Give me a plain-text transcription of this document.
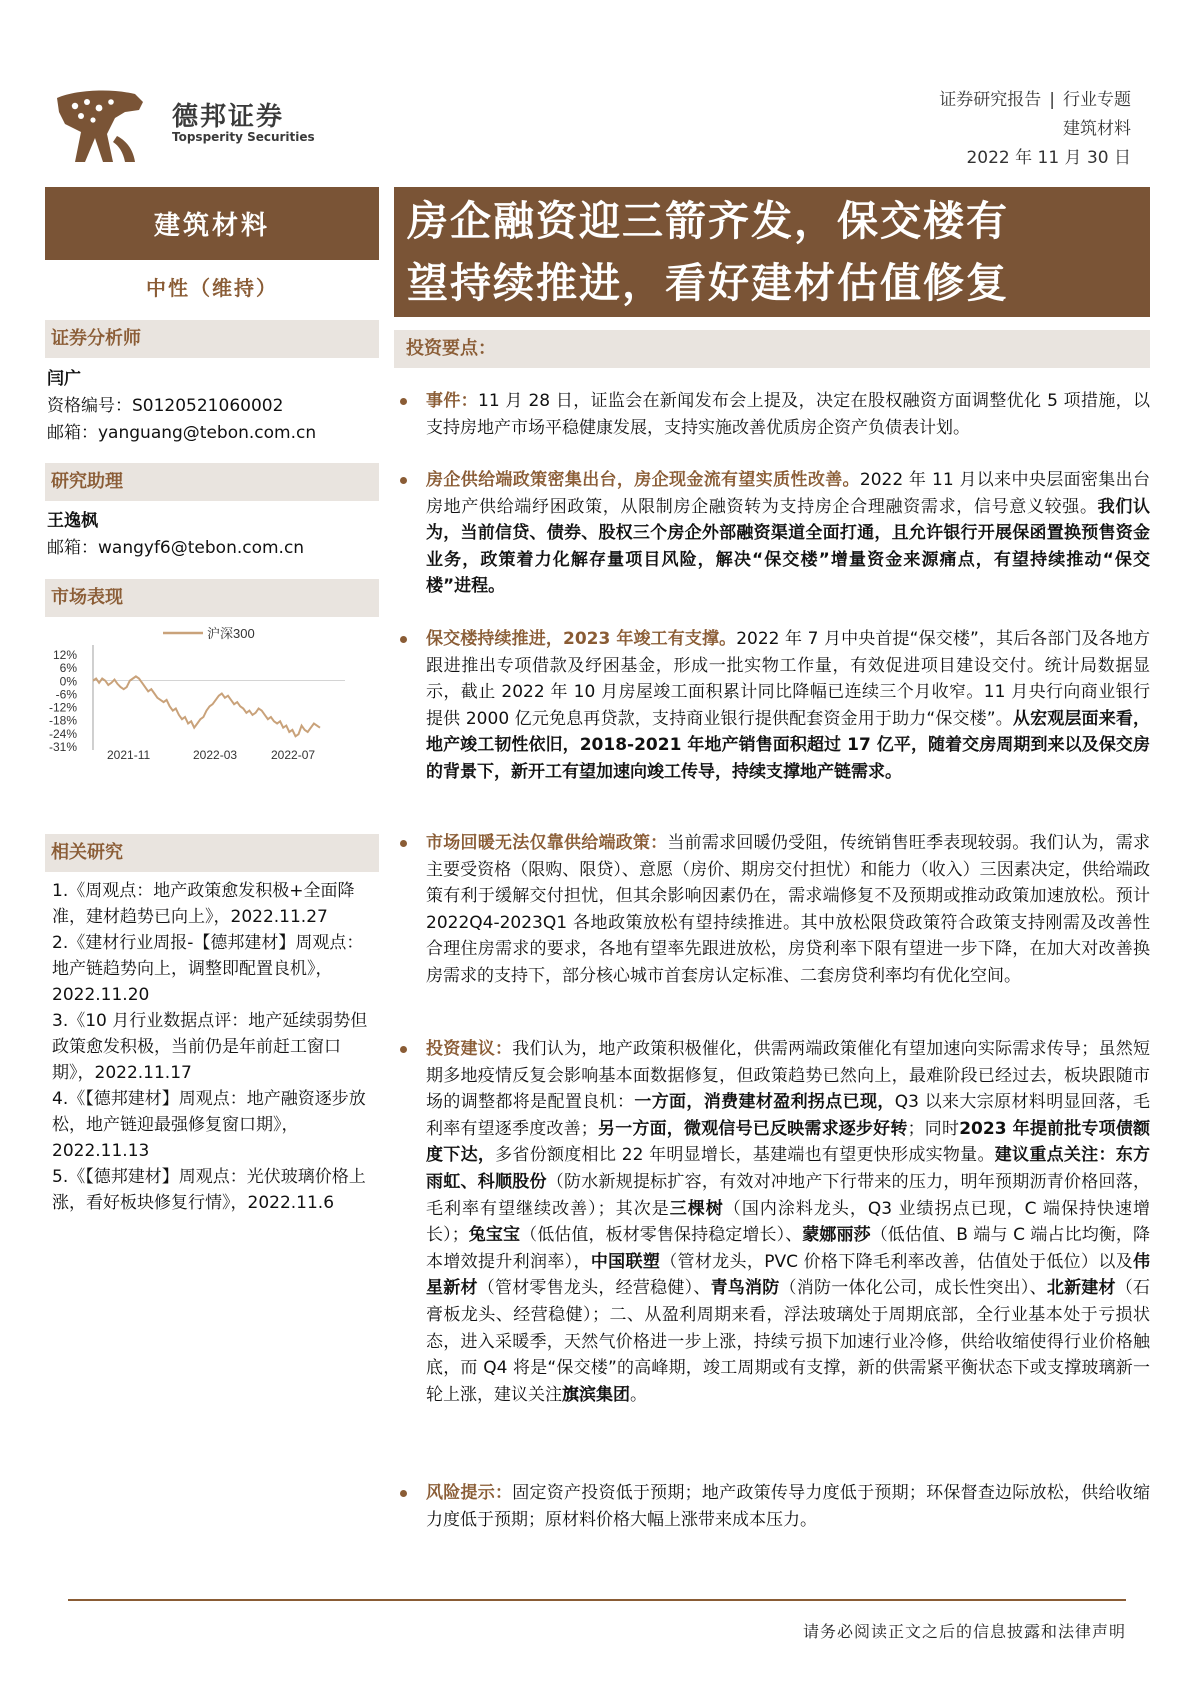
德邦证券
Topsperity Securities
证券研究报告 | 行业专题
建筑材料
2022 年 11 月 30 日
建筑材料
中性（维持）
证券分析师
闫广
资格编号：S0120521060002
邮箱：yanguang@tebon.com.cn
研究助理
王逸枫
邮箱：wangyf6@tebon.com.cn
市场表现
12%
6%
0%
-6%
-12%
-18%
-24%
-31%
2021-11	2022-03	2022-07
沪深300
相关研究
1.《周观点：地产政策愈发积极+全面降准，建材趋势已向上》，2022.11.27
2.《建材行业周报-【德邦建材】周观点：地产链趋势向上，调整即配置良机》，2022.11.20
3.《10 月行业数据点评：地产延续弱势但政策愈发积极，当前仍是年前赶工窗口期》，2022.11.17
4.《【德邦建材】周观点：地产融资逐步放松，地产链迎最强修复窗口期》，2022.11.13
5.《【德邦建材】周观点：光伏玻璃价格上涨，看好板块修复行情》，2022.11.6
房企融资迎三箭齐发，保交楼有
望持续推进，看好建材估值修复
投资要点：

事件：11 月 28 日，证监会在新闻发布会上提及，决定在股权融资方面调整优化 5 项措施，以支持房地产市场平稳健康发展，支持实施改善优质房企资产负债表计划。

房企供给端政策密集出台，房企现金流有望实质性改善。2022 年 11 月以来中央层面密集出台房地产供给端纾困政策，从限制房企融资转为支持房企合理融资需求，信号意义较强。我们认为，当前信贷、债券、股权三个房企外部融资渠道全面打通，且允许银行开展保函置换预售资金业务，政策着力化解存量项目风险，解决“保交楼”增量资金来源痛点，有望持续推动“保交楼”进程。

保交楼持续推进，2023 年竣工有支撑。2022 年 7 月中央首提“保交楼”，其后各部门及各地方跟进推出专项借款及纾困基金，形成一批实物工作量，有效促进项目建设交付。统计局数据显示，截止 2022 年 10 月房屋竣工面积累计同比降幅已连续三个月收窄。11 月央行向商业银行提供 2000 亿元免息再贷款，支持商业银行提供配套资金用于助力“保交楼”。从宏观层面来看，地产竣工韧性依旧，2018-2021 年地产销售面积超过 17 亿平，随着交房周期到来以及保交房的背景下，新开工有望加速向竣工传导，持续支撑地产链需求。

市场回暖无法仅靠供给端政策：当前需求回暖仍受阻，传统销售旺季表现较弱。我们认为，需求主要受资格（限购、限贷）、意愿（房价、期房交付担忧）和能力（收入）三因素决定，供给端政策有利于缓解交付担忧，但其余影响因素仍在，需求端修复不及预期或推动政策加速放松。预计 2022Q4-2023Q1 各地政策放松有望持续推进。其中放松限贷政策符合政策支持刚需及改善性合理住房需求的要求，各地有望率先跟进放松，房贷利率下限有望进一步下降，在加大对改善换房需求的支持下，部分核心城市首套房认定标准、二套房贷利率均有优化空间。

投资建议：我们认为，地产政策积极催化，供需两端政策催化有望加速向实际需求传导；虽然短期多地疫情反复会影响基本面数据修复，但政策趋势已然向上，最难阶段已经过去，板块跟随市场的调整都将是配置良机：一方面，消费建材盈利拐点已现，Q3 以来大宗原材料明显回落，毛利率有望逐季度改善；另一方面，微观信号已反映需求逐步好转；同时2023 年提前批专项债额度下达，多省份额度相比 22 年明显增长，基建端也有望更快形成实物量。建议重点关注：东方雨虹、科顺股份（防水新规提标扩容，有效对冲地产下行带来的压力，明年预期沥青价格回落，毛利率有望继续改善）；其次是三棵树（国内涂料龙头，Q3 业绩拐点已现，C 端保持快速增长）；兔宝宝（低估值，板材零售保持稳定增长）、蒙娜丽莎（低估值、B 端与 C 端占比均衡，降本增效提升利润率），中国联塑（管材龙头，PVC 价格下降毛利率改善，估值处于低位）以及伟星新材（管材零售龙头，经营稳健）、青鸟消防（消防一体化公司，成长性突出）、北新建材（石膏板龙头、经营稳健）；二、从盈利周期来看，浮法玻璃处于周期底部，全行业基本处于亏损状态，进入采暖季，天然气价格进一步上涨，持续亏损下加速行业冷修，供给收缩使得行业价格触底，而 Q4 将是“保交楼”的高峰期，竣工周期或有支撑，新的供需紧平衡状态下或支撑玻璃新一轮上涨，建议关注旗滨集团。

风险提示：固定资产投资低于预期；地产政策传导力度低于预期；环保督查边际放松，供给收缩力度低于预期；原材料价格大幅上涨带来成本压力。

请务必阅读正文之后的信息披露和法律声明
